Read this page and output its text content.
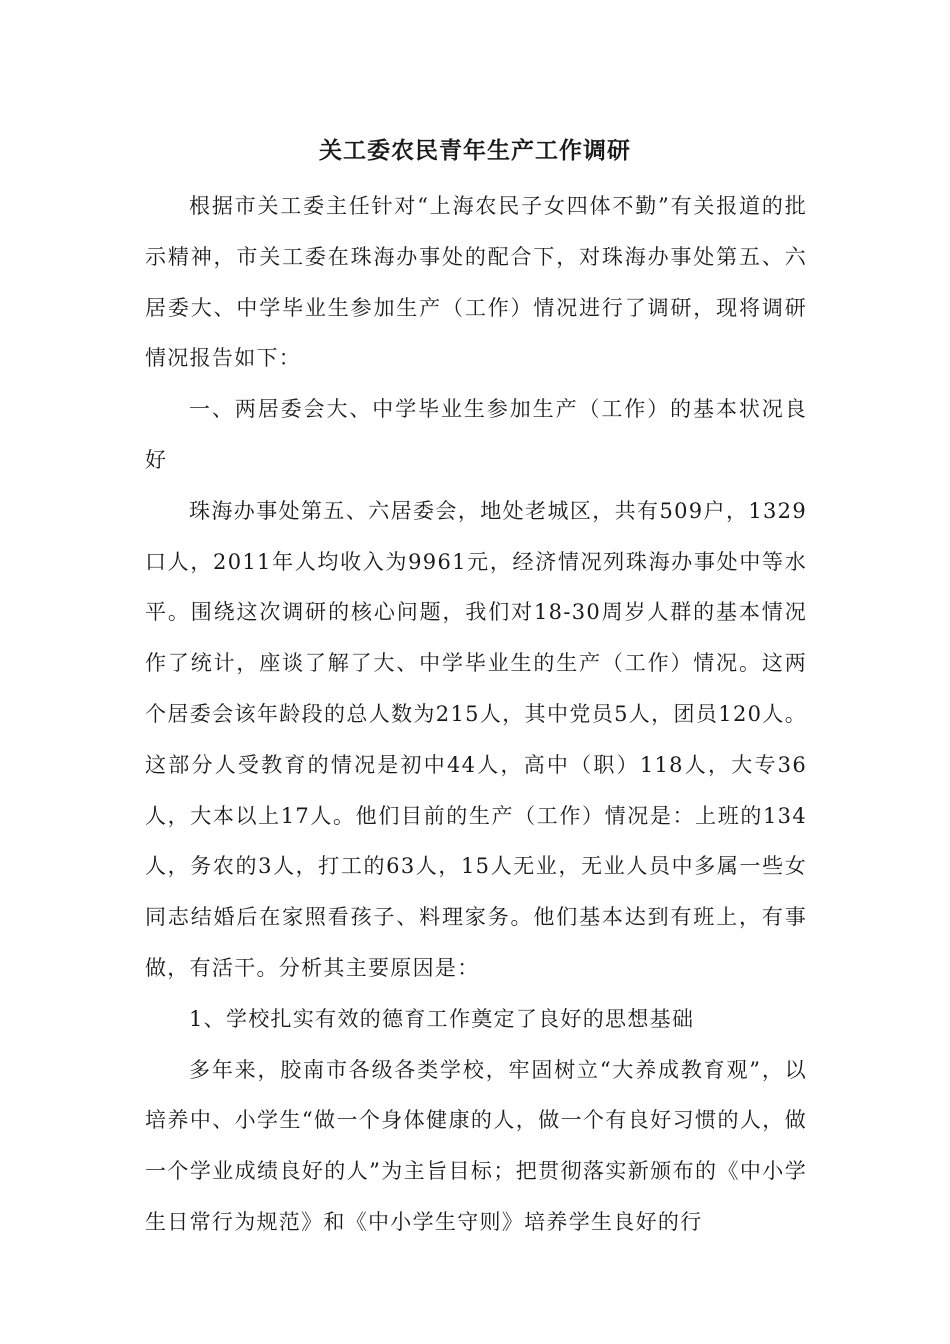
关工委农民青年生产工作调研

根据市关工委主任针对“上海农民子女四体不勤”有关报道的批示精神，市关工委在珠海办事处的配合下，对珠海办事处第五、六居委大、中学毕业生参加生产（工作）情况进行了调研，现将调研情况报告如下：

一、两居委会大、中学毕业生参加生产（工作）的基本状况良好

珠海办事处第五、六居委会，地处老城区，共有509户，1329口人，2011年人均收入为9961元，经济情况列珠海办事处中等水平。围绕这次调研的核心问题，我们对18-30周岁人群的基本情况作了统计，座谈了解了大、中学毕业生的生产（工作）情况。这两个居委会该年龄段的总人数为215人，其中党员5人，团员120人。这部分人受教育的情况是初中44人，高中（职）118人，大专36人，大本以上17人。他们目前的生产（工作）情况是：上班的134人，务农的3人，打工的63人，15人无业，无业人员中多属一些女同志结婚后在家照看孩子、料理家务。他们基本达到有班上，有事做，有活干。分析其主要原因是：

1、学校扎实有效的德育工作奠定了良好的思想基础

多年来，胶南市各级各类学校，牢固树立“大养成教育观”，以培养中、小学生“做一个身体健康的人，做一个有良好习惯的人，做一个学业成绩良好的人”为主旨目标；把贯彻落实新颁布的《中小学生日常行为规范》和《中小学生守则》培养学生良好的行
